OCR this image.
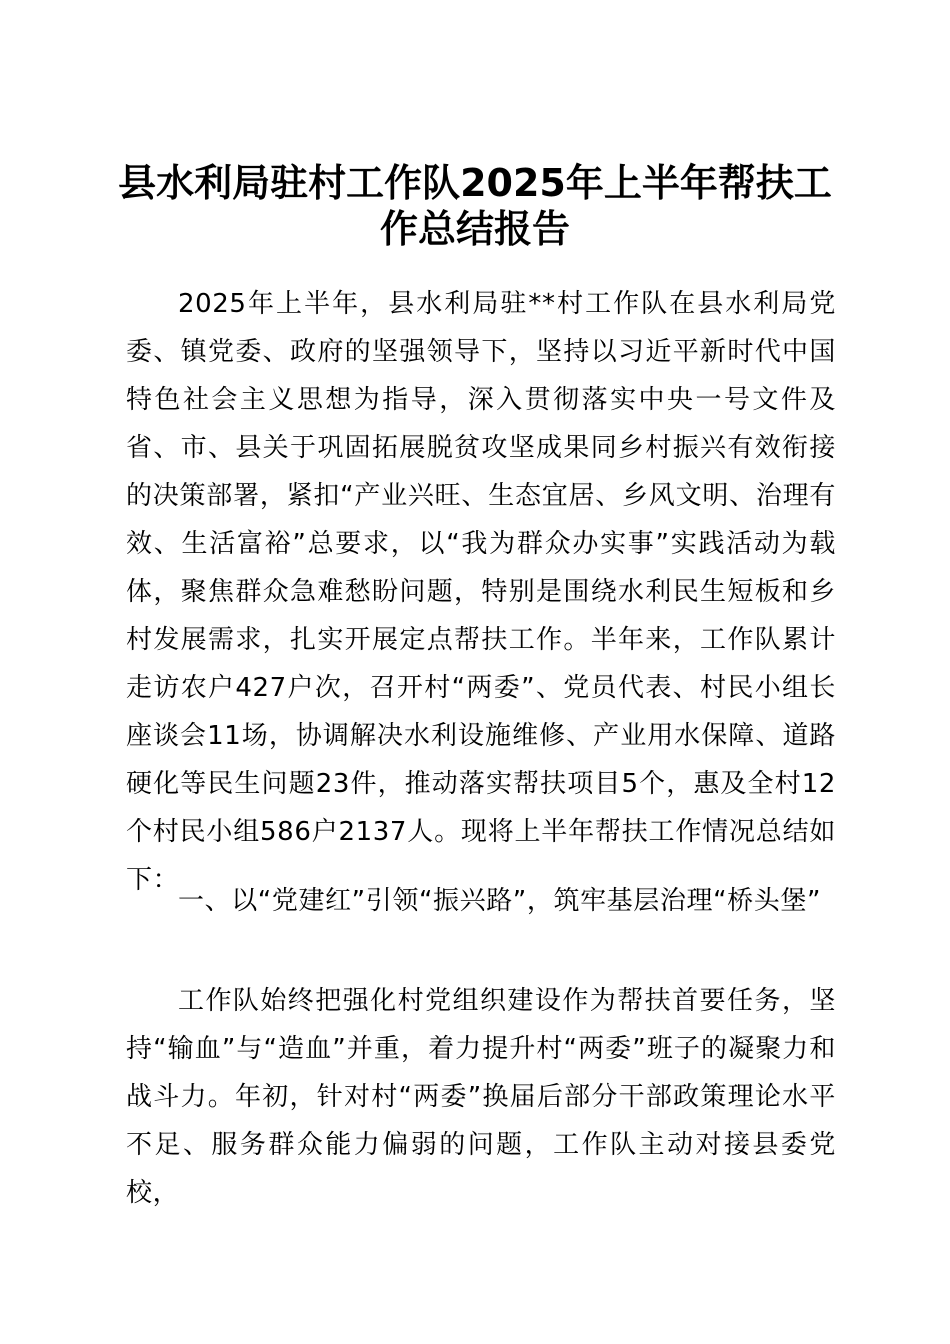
县水利局驻村工作队2025年上半年帮扶工作总结报告

2025年上半年，县水利局驻**村工作队在县水利局党委、镇党委、政府的坚强领导下，坚持以习近平新时代中国特色社会主义思想为指导，深入贯彻落实中央一号文件及省、市、县关于巩固拓展脱贫攻坚成果同乡村振兴有效衔接的决策部署，紧扣“产业兴旺、生态宜居、乡风文明、治理有效、生活富裕”总要求，以“我为群众办实事”实践活动为载体，聚焦群众急难愁盼问题，特别是围绕水利民生短板和乡村发展需求，扎实开展定点帮扶工作。半年来，工作队累计走访农户427户次，召开村“两委”、党员代表、村民小组长座谈会11场，协调解决水利设施维修、产业用水保障、道路硬化等民生问题23件，推动落实帮扶项目5个，惠及全村12个村民小组586户2137人。现将上半年帮扶工作情况总结如下：

一、以“党建红”引领“振兴路”，筑牢基层治理“桥头堡”

工作队始终把强化村党组织建设作为帮扶首要任务，坚持“输血”与“造血”并重，着力提升村“两委”班子的凝聚力和战斗力。年初，针对村“两委”换届后部分干部政策理论水平不足、服务群众能力偏弱的问题，工作队主动对接县委党校，
